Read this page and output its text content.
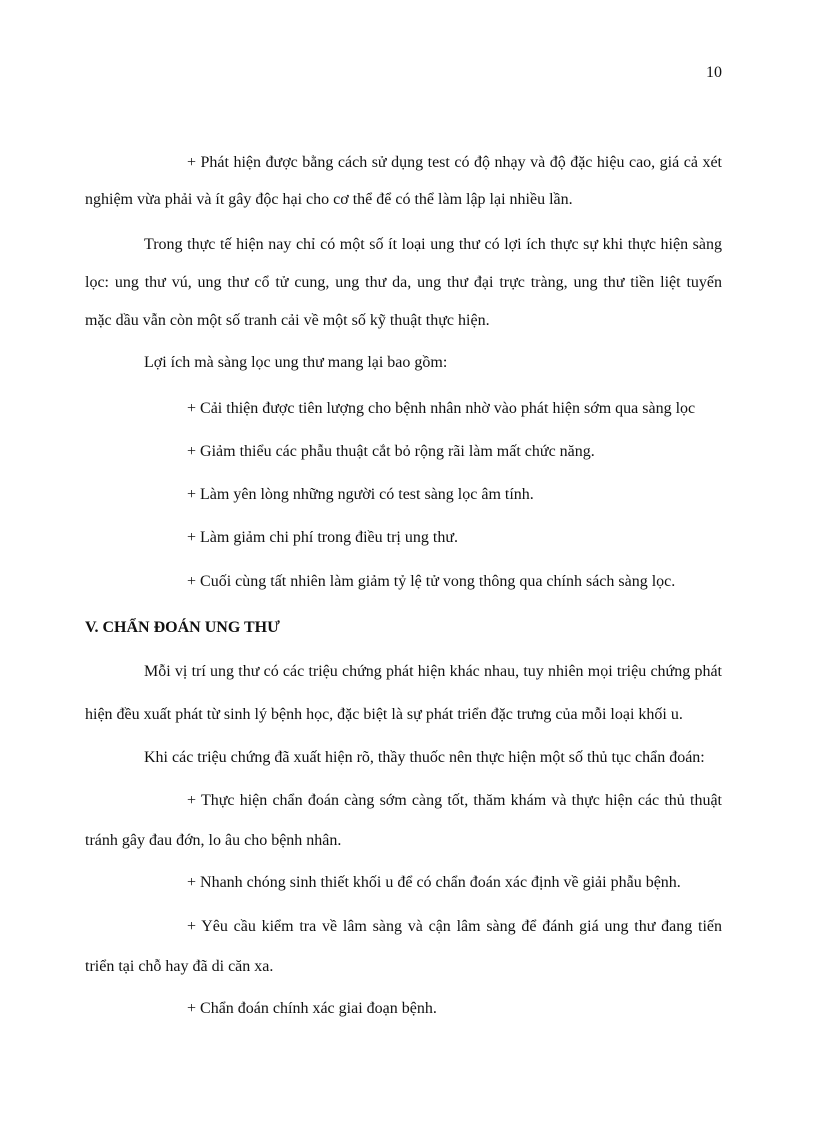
10
+ Phát hiện được bằng cách sử dụng test có độ nhạy và độ đặc hiệu cao, giá cả xét
nghiệm vừa phải và ít gây độc hại cho cơ thể để có thể làm lập lại nhiều lần.
Trong thực tế hiện nay chỉ có một số ít loại ung thư có lợi ích thực sự khi thực hiện sàng
lọc: ung thư vú, ung thư cổ tử cung, ung thư da, ung thư đại trực tràng, ung thư tiền liệt tuyến
mặc dầu vẫn còn một số tranh cải về một số kỹ thuật thực hiện.
Lợi ích mà sàng lọc ung thư mang lại bao gồm:
+ Cải thiện được tiên lượng cho bệnh nhân nhờ vào phát hiện sớm qua sàng lọc
+ Giảm thiểu các phẫu thuật cắt bỏ rộng rãi làm mất chức năng.
+ Làm yên lòng những người có test sàng lọc âm tính.
+ Làm giảm chi phí trong điều trị ung thư.
+ Cuối cùng tất nhiên làm giảm tỷ lệ tử vong thông qua chính sách sàng lọc.
V. CHẨN ĐOÁN UNG THƯ
Mỗi vị trí ung thư có các triệu chứng phát hiện khác nhau, tuy nhiên mọi triệu chứng phát
hiện đều xuất phát từ sinh lý bệnh học, đặc biệt là sự phát triển đặc trưng của mỗi loại khối u.
Khi các triệu chứng đã xuất hiện rõ, thầy thuốc nên thực hiện một số thủ tục chẩn đoán:
+ Thực hiện chẩn đoán càng sớm càng tốt, thăm khám và thực hiện các thủ thuật
tránh gây đau đớn, lo âu cho bệnh nhân.
+ Nhanh chóng sinh thiết khối u để có chẩn đoán xác định về giải phẫu bệnh.
+ Yêu cầu kiểm tra về lâm sàng và cận lâm sàng để đánh giá ung thư đang tiến
triển tại chỗ hay đã di căn xa.
+ Chẩn đoán chính xác giai đoạn bệnh.
